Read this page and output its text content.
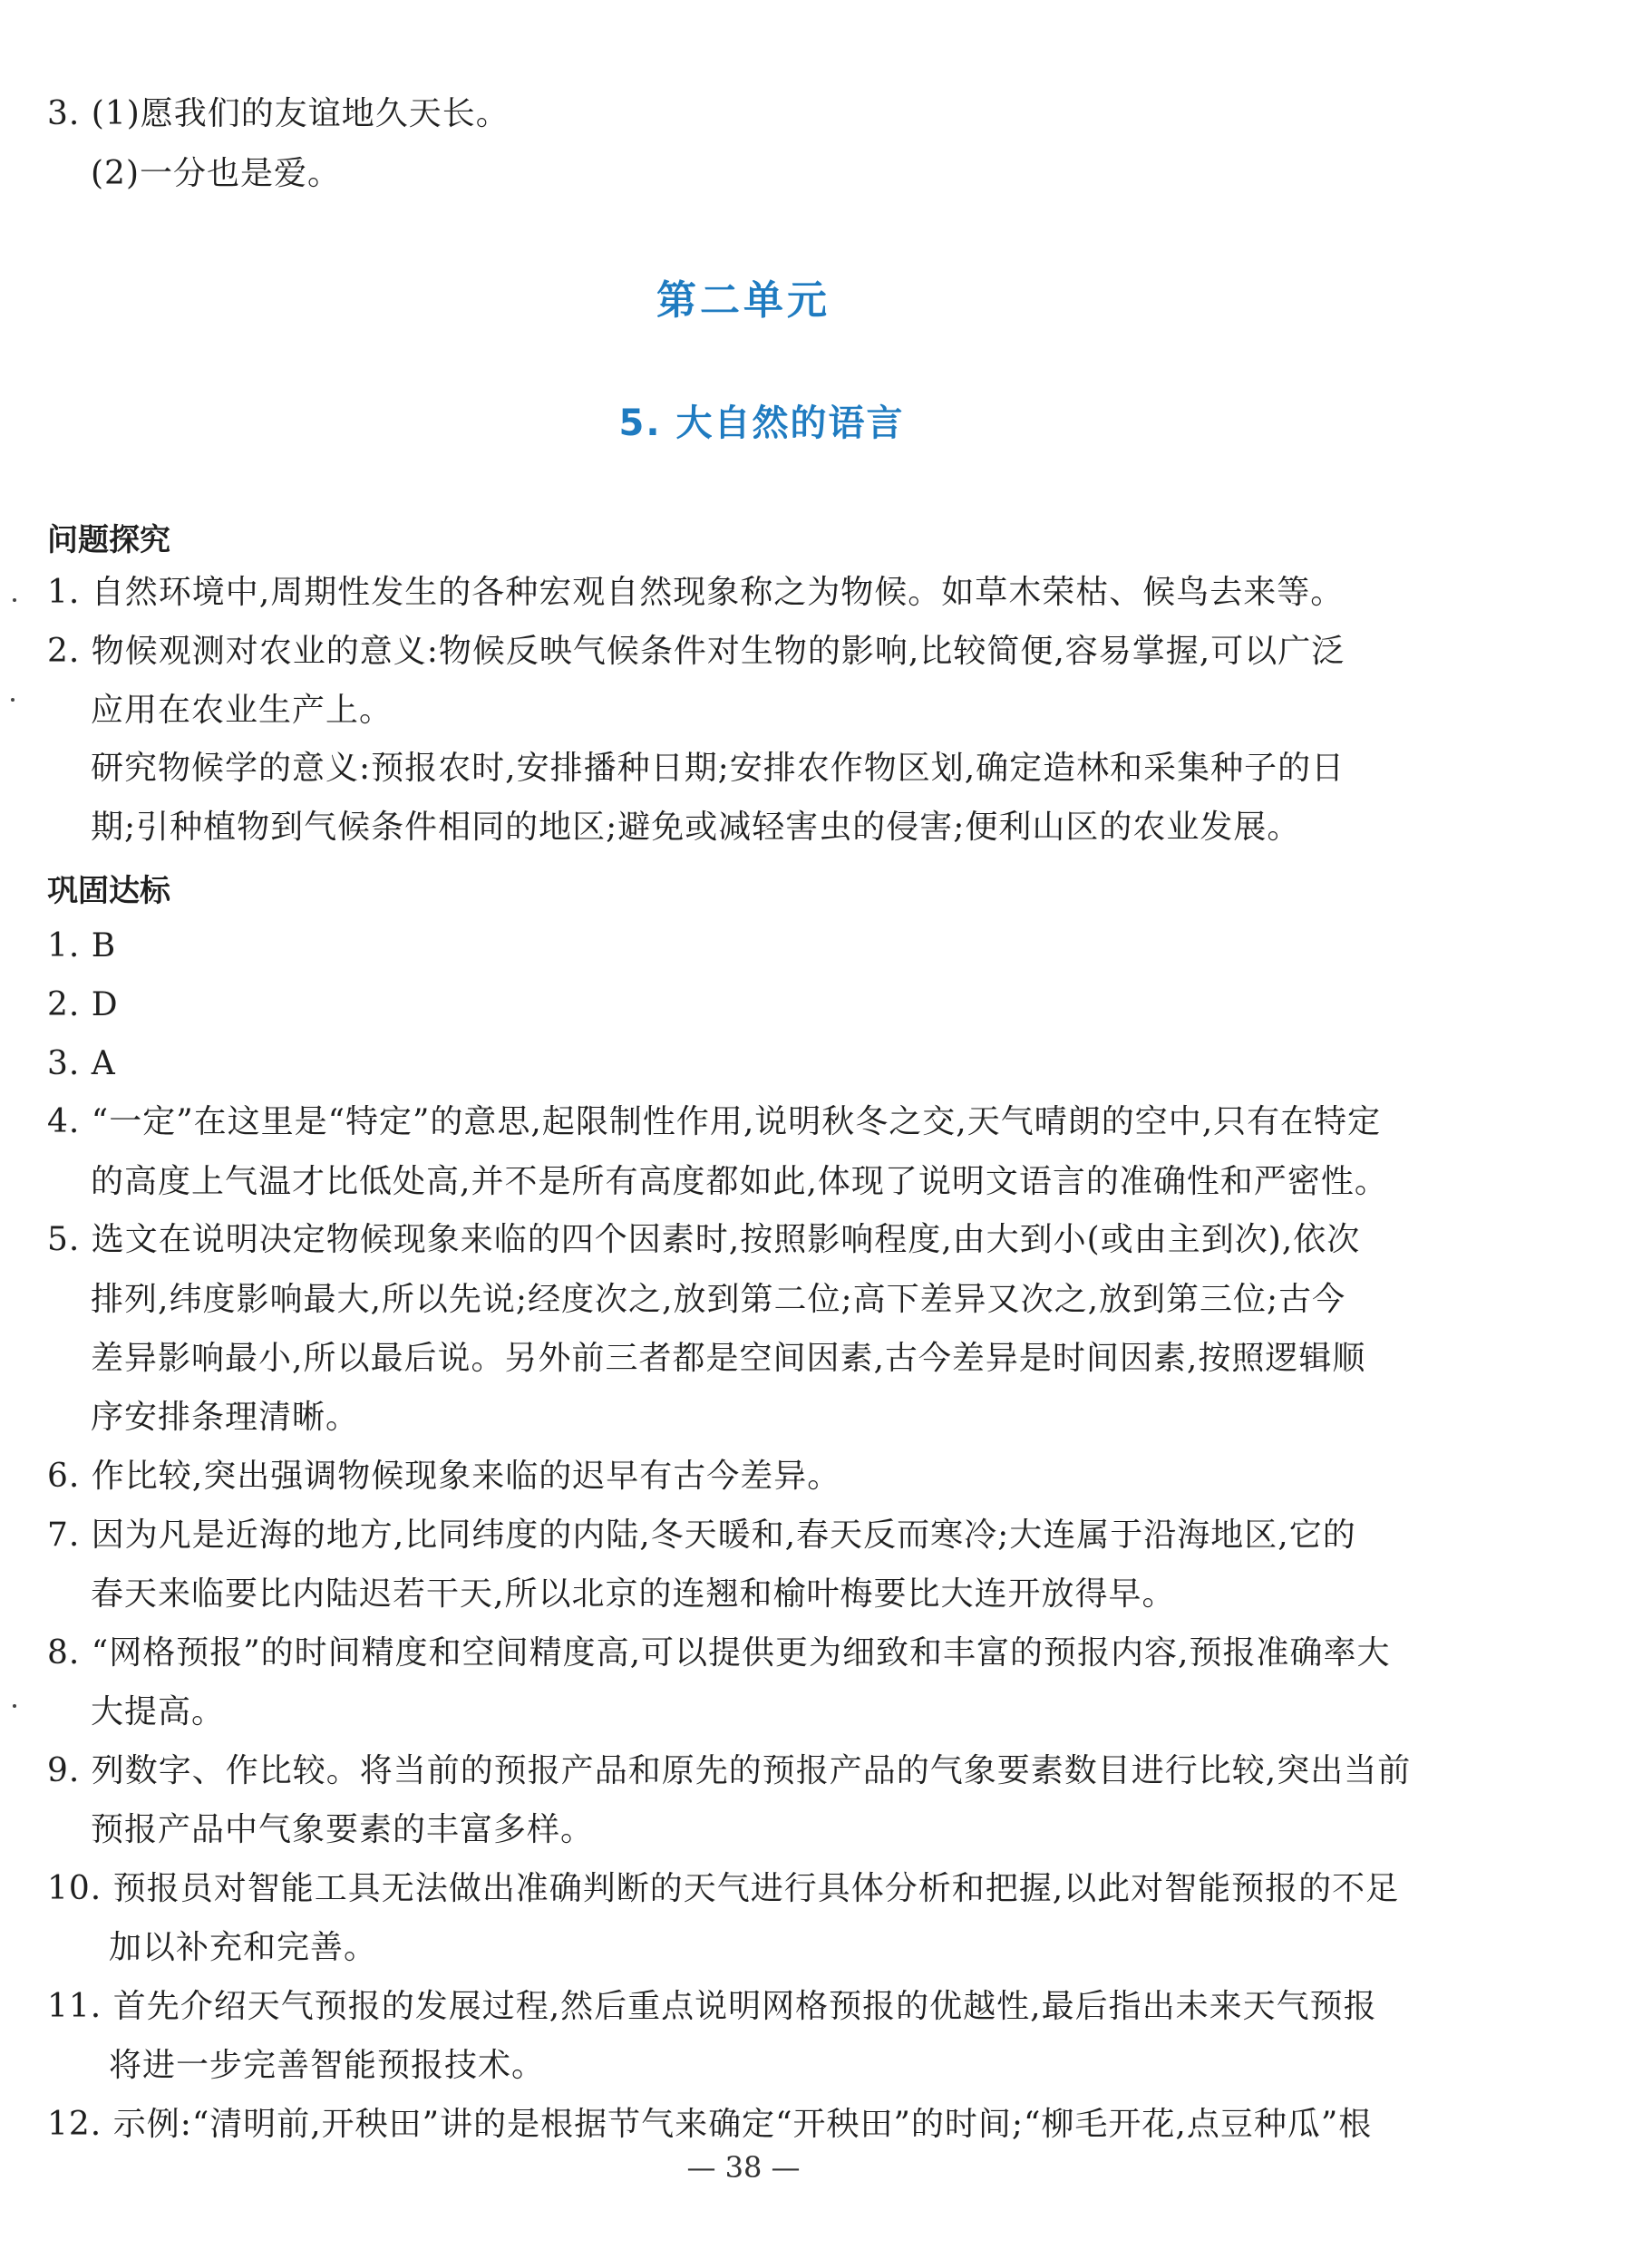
3. (1)愿我们的友谊地久天长。
(2)一分也是爱。
第二单元
5. 大自然的语言
问题探究
1. 自然环境中,周期性发生的各种宏观自然现象称之为物候。如草木荣枯、候鸟去来等。
2. 物候观测对农业的意义:物候反映气候条件对生物的影响,比较简便,容易掌握,可以广泛
应用在农业生产上。
研究物候学的意义:预报农时,安排播种日期;安排农作物区划,确定造林和采集种子的日
期;引种植物到气候条件相同的地区;避免或减轻害虫的侵害;便利山区的农业发展。
巩固达标
1. B
2. D
3. A
4. “一定”在这里是“特定”的意思,起限制性作用,说明秋冬之交,天气晴朗的空中,只有在特定
的高度上气温才比低处高,并不是所有高度都如此,体现了说明文语言的准确性和严密性。
5. 选文在说明决定物候现象来临的四个因素时,按照影响程度,由大到小(或由主到次),依次
排列,纬度影响最大,所以先说;经度次之,放到第二位;高下差异又次之,放到第三位;古今
差异影响最小,所以最后说。另外前三者都是空间因素,古今差异是时间因素,按照逻辑顺
序安排条理清晰。
6. 作比较,突出强调物候现象来临的迟早有古今差异。
7. 因为凡是近海的地方,比同纬度的内陆,冬天暖和,春天反而寒冷;大连属于沿海地区,它的
春天来临要比内陆迟若干天,所以北京的连翘和榆叶梅要比大连开放得早。
8. “网格预报”的时间精度和空间精度高,可以提供更为细致和丰富的预报内容,预报准确率大
大提高。
9. 列数字、作比较。将当前的预报产品和原先的预报产品的气象要素数目进行比较,突出当前
预报产品中气象要素的丰富多样。
10. 预报员对智能工具无法做出准确判断的天气进行具体分析和把握,以此对智能预报的不足
加以补充和完善。
11. 首先介绍天气预报的发展过程,然后重点说明网格预报的优越性,最后指出未来天气预报
将进一步完善智能预报技术。
12. 示例:“清明前,开秧田”讲的是根据节气来确定“开秧田”的时间;“柳毛开花,点豆种瓜”根
— 38 —
